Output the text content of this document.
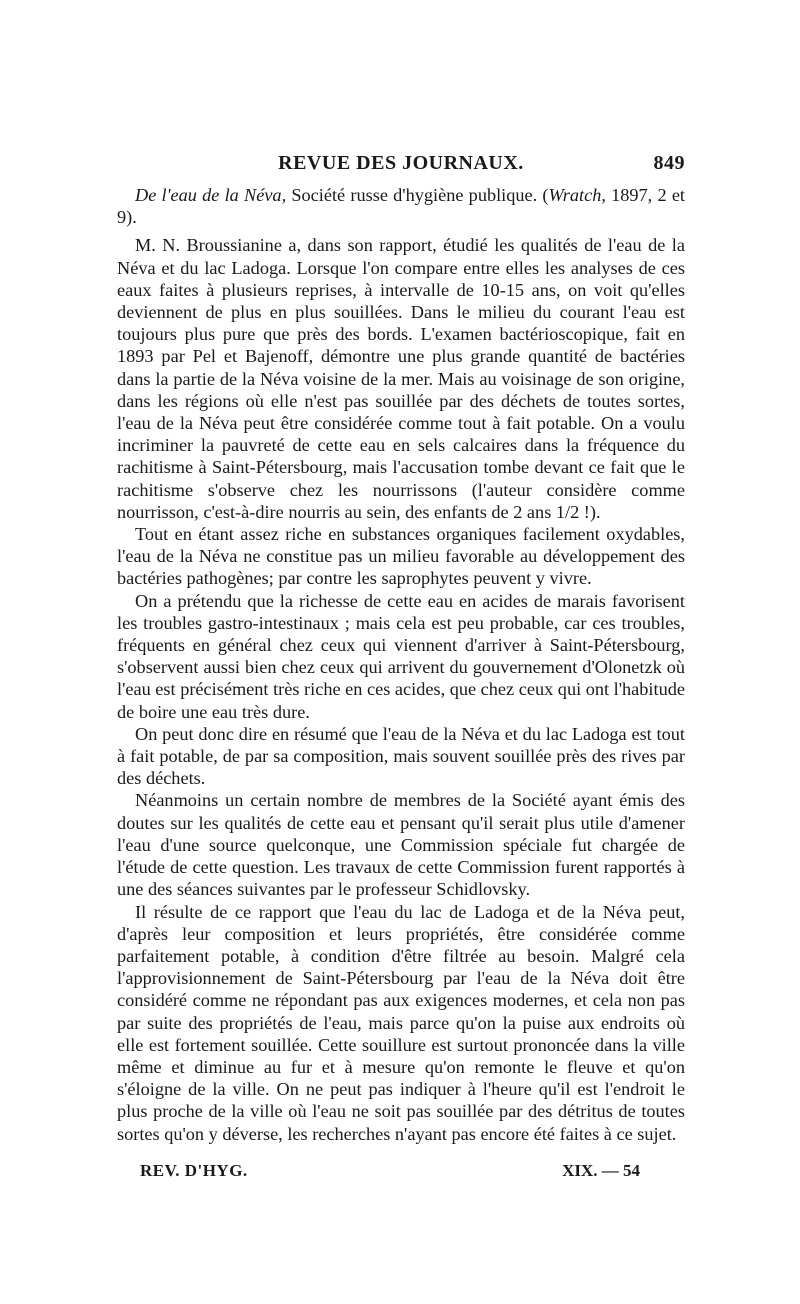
REVUE DES JOURNAUX.	849

De l'eau de la Néva, Société russe d'hygiène publique. (Wratch, 1897, 2 et 9).

M. N. Broussianine a, dans son rapport, étudié les qualités de l'eau de la Néva et du lac Ladoga. Lorsque l'on compare entre elles les analyses de ces eaux faites à plusieurs reprises, à intervalle de 10-15 ans, on voit qu'elles deviennent de plus en plus souillées. Dans le milieu du courant l'eau est toujours plus pure que près des bords. L'examen bactérioscopique, fait en 1893 par Pel et Bajenoff, démontre une plus grande quantité de bactéries dans la partie de la Néva voisine de la mer. Mais au voisinage de son origine, dans les régions où elle n'est pas souillée par des déchets de toutes sortes, l'eau de la Néva peut être considérée comme tout à fait potable. On a voulu incriminer la pauvreté de cette eau en sels calcaires dans la fréquence du rachitisme à Saint-Pétersbourg, mais l'accusation tombe devant ce fait que le rachitisme s'observe chez les nourrissons (l'auteur considère comme nourrisson, c'est-à-dire nourris au sein, des enfants de 2 ans 1/2 !).

Tout en étant assez riche en substances organiques facilement oxydables, l'eau de la Néva ne constitue pas un milieu favorable au développement des bactéries pathogènes; par contre les saprophytes peuvent y vivre.

On a prétendu que la richesse de cette eau en acides de marais favorisent les troubles gastro-intestinaux ; mais cela est peu probable, car ces troubles, fréquents en général chez ceux qui viennent d'arriver à Saint-Pétersbourg, s'observent aussi bien chez ceux qui arrivent du gouvernement d'Olonetzk où l'eau est précisément très riche en ces acides, que chez ceux qui ont l'habitude de boire une eau très dure.

On peut donc dire en résumé que l'eau de la Néva et du lac Ladoga est tout à fait potable, de par sa composition, mais souvent souillée près des rives par des déchets.

Néanmoins un certain nombre de membres de la Société ayant émis des doutes sur les qualités de cette eau et pensant qu'il serait plus utile d'amener l'eau d'une source quelconque, une Commission spéciale fut chargée de l'étude de cette question. Les travaux de cette Commission furent rapportés à une des séances suivantes par le professeur Schidlovsky.

Il résulte de ce rapport que l'eau du lac de Ladoga et de la Néva peut, d'après leur composition et leurs propriétés, être considérée comme parfaitement potable, à condition d'être filtrée au besoin. Malgré cela l'approvisionnement de Saint-Pétersbourg par l'eau de la Néva doit être considéré comme ne répondant pas aux exigences modernes, et cela non pas par suite des propriétés de l'eau, mais parce qu'on la puise aux endroits où elle est fortement souillée. Cette souillure est surtout prononcée dans la ville même et diminue au fur et à mesure qu'on remonte le fleuve et qu'on s'éloigne de la ville. On ne peut pas indiquer à l'heure qu'il est l'endroit le plus proche de la ville où l'eau ne soit pas souillée par des détritus de toutes sortes qu'on y déverse, les recherches n'ayant pas encore été faites à ce sujet.

REV. D'HYG.	XIX. — 54
